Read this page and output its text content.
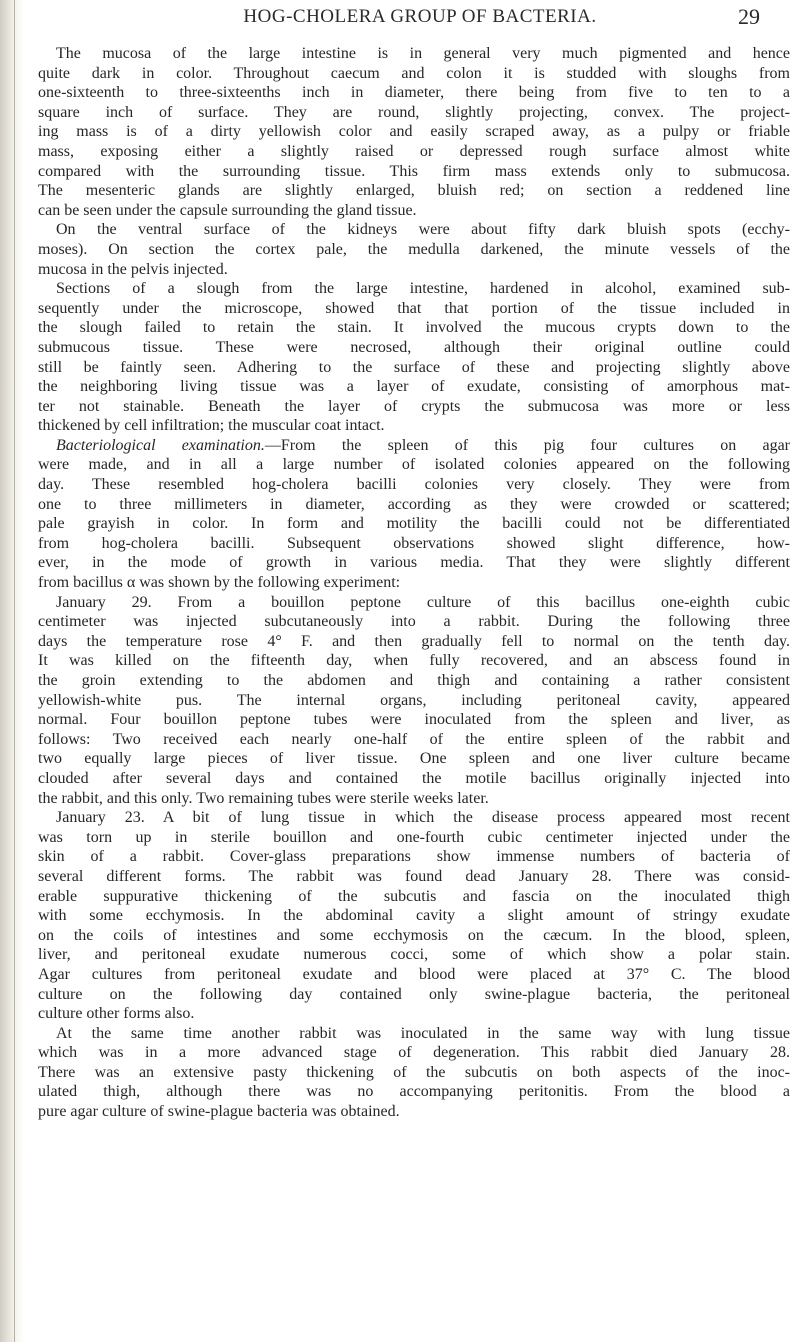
HOG-CHOLERA GROUP OF BACTERIA.	29
The mucosa of the large intestine is in general very much pigmented and hence
quite dark in color. Throughout caecum and colon it is studded with sloughs from
one-sixteenth to three-sixteenths inch in diameter, there being from five to ten to a
square inch of surface. They are round, slightly projecting, convex. The project-
ing mass is of a dirty yellowish color and easily scraped away, as a pulpy or friable
mass, exposing either a slightly raised or depressed rough surface almost white
compared with the surrounding tissue. This firm mass extends only to submucosa.
The mesenteric glands are slightly enlarged, bluish red; on section a reddened line
can be seen under the capsule surrounding the gland tissue.
On the ventral surface of the kidneys were about fifty dark bluish spots (ecchy-
moses). On section the cortex pale, the medulla darkened, the minute vessels of the
mucosa in the pelvis injected.
Sections of a slough from the large intestine, hardened in alcohol, examined sub-
sequently under the microscope, showed that that portion of the tissue included in
the slough failed to retain the stain. It involved the mucous crypts down to the
submucous tissue. These were necrosed, although their original outline could
still be faintly seen. Adhering to the surface of these and projecting slightly above
the neighboring living tissue was a layer of exudate, consisting of amorphous mat-
ter not stainable. Beneath the layer of crypts the submucosa was more or less
thickened by cell infiltration; the muscular coat intact.
Bacteriological examination.—From the spleen of this pig four cultures on agar
were made, and in all a large number of isolated colonies appeared on the following
day. These resembled hog-cholera bacilli colonies very closely. They were from
one to three millimeters in diameter, according as they were crowded or scattered;
pale grayish in color. In form and motility the bacilli could not be differentiated
from hog-cholera bacilli. Subsequent observations showed slight difference, how-
ever, in the mode of growth in various media. That they were slightly different
from bacillus α was shown by the following experiment:
January 29. From a bouillon peptone culture of this bacillus one-eighth cubic
centimeter was injected subcutaneously into a rabbit. During the following three
days the temperature rose 4° F. and then gradually fell to normal on the tenth day.
It was killed on the fifteenth day, when fully recovered, and an abscess found in
the groin extending to the abdomen and thigh and containing a rather consistent
yellowish-white pus. The internal organs, including peritoneal cavity, appeared
normal. Four bouillon peptone tubes were inoculated from the spleen and liver, as
follows: Two received each nearly one-half of the entire spleen of the rabbit and
two equally large pieces of liver tissue. One spleen and one liver culture became
clouded after several days and contained the motile bacillus originally injected into
the rabbit, and this only. Two remaining tubes were sterile weeks later.
January 23. A bit of lung tissue in which the disease process appeared most recent
was torn up in sterile bouillon and one-fourth cubic centimeter injected under the
skin of a rabbit. Cover-glass preparations show immense numbers of bacteria of
several different forms. The rabbit was found dead January 28. There was consid-
erable suppurative thickening of the subcutis and fascia on the inoculated thigh
with some ecchymosis. In the abdominal cavity a slight amount of stringy exudate
on the coils of intestines and some ecchymosis on the cæcum. In the blood, spleen,
liver, and peritoneal exudate numerous cocci, some of which show a polar stain.
Agar cultures from peritoneal exudate and blood were placed at 37° C. The blood
culture on the following day contained only swine-plague bacteria, the peritoneal
culture other forms also.
At the same time another rabbit was inoculated in the same way with lung tissue
which was in a more advanced stage of degeneration. This rabbit died January 28.
There was an extensive pasty thickening of the subcutis on both aspects of the inoc-
ulated thigh, although there was no accompanying peritonitis. From the blood a
pure agar culture of swine-plague bacteria was obtained.
